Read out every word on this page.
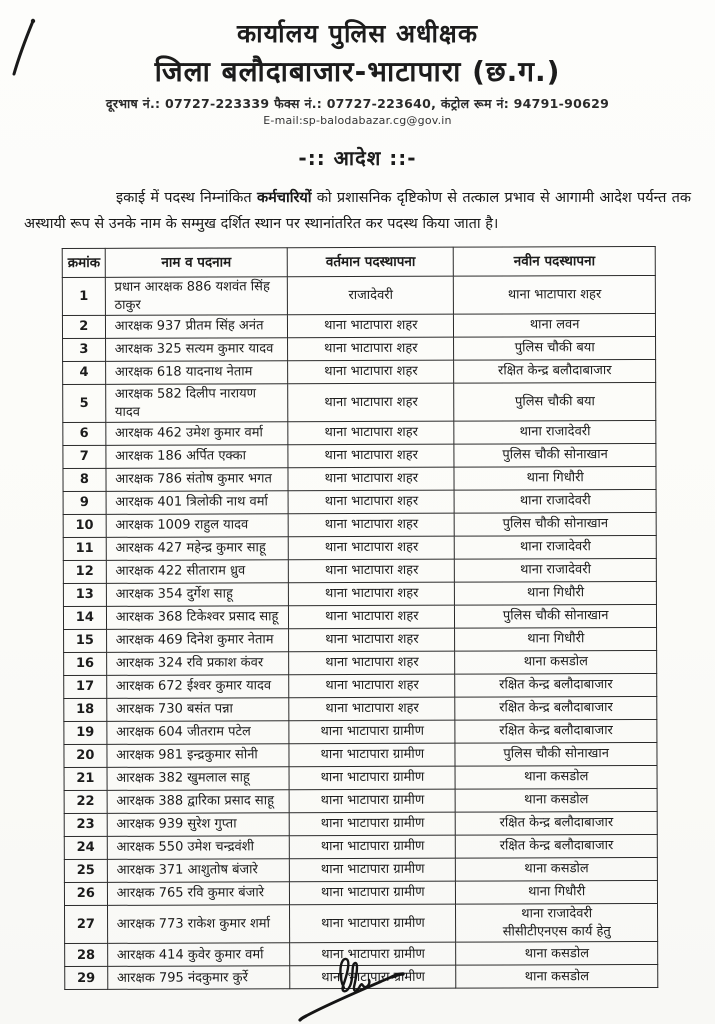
कार्यालय पुलिस अधीक्षक
जिला बलौदाबाजार-भाटापारा (छ.ग.)
दूरभाष नं.: 07727-223339 फैक्स नं.: 07727-223640, कंट्रोल रूम नं: 94791-90629
E-mail:sp-balodabazar.cg@gov.in
-:: आदेश ::-

इकाई में पदस्थ निम्नांकित कर्मचारियों को प्रशासनिक दृष्टिकोण से तत्काल प्रभाव से आगामी आदेश पर्यन्त तक अस्थायी रूप से उनके नाम के सम्मुख दर्शित स्थान पर स्थानांतरित कर पदस्थ किया जाता है।

क्रमांक	नाम व पदनाम	वर्तमान पदस्थापना	नवीन पदस्थापना
1	प्रधान आरक्षक 886 यशवंत सिंह ठाकुर	राजादेवरी	थाना भाटापारा शहर
2	आरक्षक 937 प्रीतम सिंह अनंत	थाना भाटापारा शहर	थाना लवन
3	आरक्षक 325 सत्यम कुमार यादव	थाना भाटापारा शहर	पुलिस चौकी बया
4	आरक्षक 618 यादनाथ नेताम	थाना भाटापारा शहर	रक्षित केन्द्र बलौदाबाजार
5	आरक्षक 582 दिलीप नारायण यादव	थाना भाटापारा शहर	पुलिस चौकी बया
6	आरक्षक 462 उमेश कुमार वर्मा	थाना भाटापारा शहर	थाना राजादेवरी
7	आरक्षक 186 अर्पित एक्का	थाना भाटापारा शहर	पुलिस चौकी सोनाखान
8	आरक्षक 786 संतोष कुमार भगत	थाना भाटापारा शहर	थाना गिधौरी
9	आरक्षक 401 त्रिलोकी नाथ वर्मा	थाना भाटापारा शहर	थाना राजादेवरी
10	आरक्षक 1009 राहुल यादव	थाना भाटापारा शहर	पुलिस चौकी सोनाखान
11	आरक्षक 427 महेन्द्र कुमार साहू	थाना भाटापारा शहर	थाना राजादेवरी
12	आरक्षक 422 सीताराम ध्रुव	थाना भाटापारा शहर	थाना राजादेवरी
13	आरक्षक 354 दुर्गेश साहू	थाना भाटापारा शहर	थाना गिधौरी
14	आरक्षक 368 टिकेश्वर प्रसाद साहू	थाना भाटापारा शहर	पुलिस चौकी सोनाखान
15	आरक्षक 469 दिनेश कुमार नेताम	थाना भाटापारा शहर	थाना गिधौरी
16	आरक्षक 324 रवि प्रकाश कंवर	थाना भाटापारा शहर	थाना कसडोल
17	आरक्षक 672 ईश्वर कुमार यादव	थाना भाटापारा शहर	रक्षित केन्द्र बलौदाबाजार
18	आरक्षक 730 बसंत पन्ना	थाना भाटापारा शहर	रक्षित केन्द्र बलौदाबाजार
19	आरक्षक 604 जीतराम पटेल	थाना भाटापारा ग्रामीण	रक्षित केन्द्र बलौदाबाजार
20	आरक्षक 981 इन्द्रकुमार सोनी	थाना भाटापारा ग्रामीण	पुलिस चौकी सोनाखान
21	आरक्षक 382 खुमलाल साहू	थाना भाटापारा ग्रामीण	थाना कसडोल
22	आरक्षक 388 द्वारिका प्रसाद साहू	थाना भाटापारा ग्रामीण	थाना कसडोल
23	आरक्षक 939 सुरेश गुप्ता	थाना भाटापारा ग्रामीण	रक्षित केन्द्र बलौदाबाजार
24	आरक्षक 550 उमेश चन्द्रवंशी	थाना भाटापारा ग्रामीण	रक्षित केन्द्र बलौदाबाजार
25	आरक्षक 371 आशुतोष बंजारे	थाना भाटापारा ग्रामीण	थाना कसडोल
26	आरक्षक 765 रवि कुमार बंजारे	थाना भाटापारा ग्रामीण	थाना गिधौरी
27	आरक्षक 773 राकेश कुमार शर्मा	थाना भाटापारा ग्रामीण	थाना राजादेवरी
सीसीटीएनएस कार्य हेतु
28	आरक्षक 414 कुवेर कुमार वर्मा	थाना भाटापारा ग्रामीण	थाना कसडोल
29	आरक्षक 795 नंदकुमार कुर्रे	थाना भाटापारा ग्रामीण	थाना कसडोल
